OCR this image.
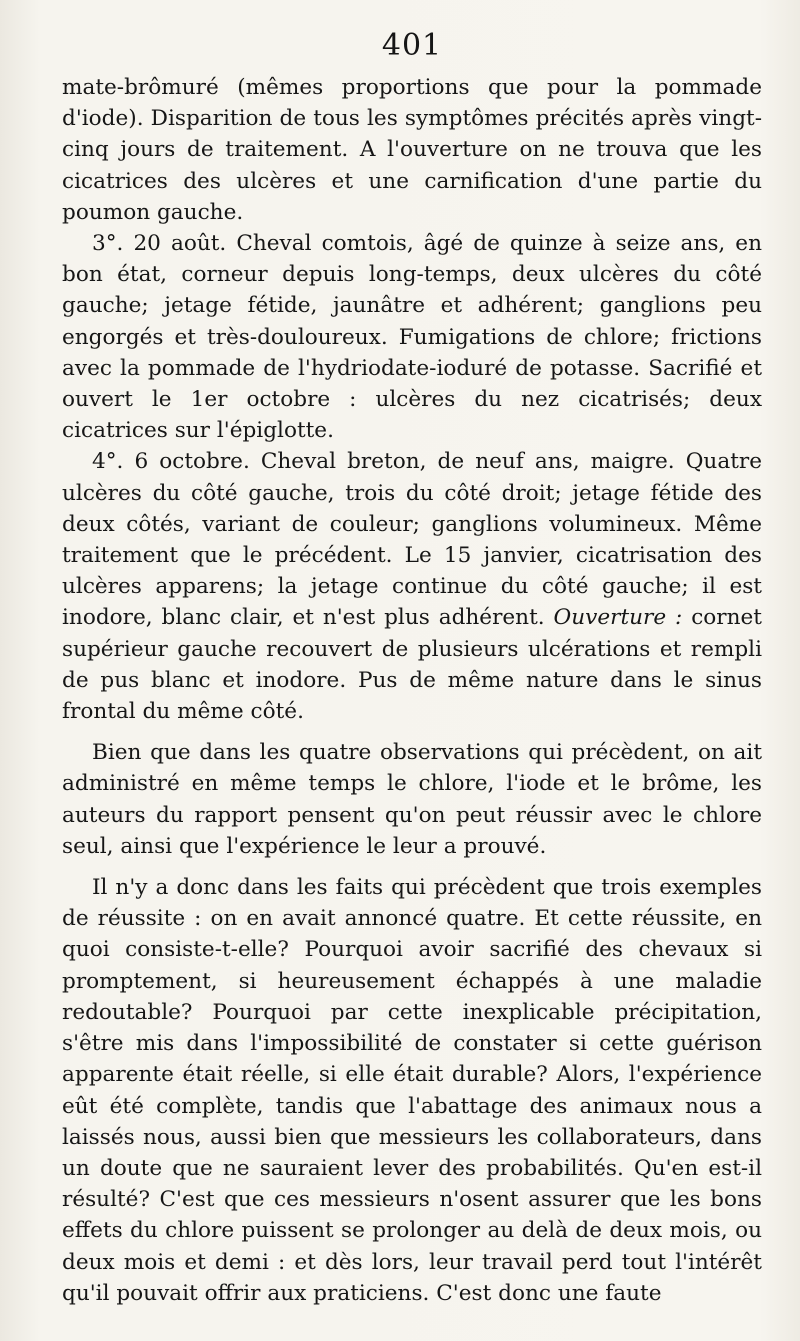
401

mate-brômuré (mêmes proportions que pour la pommade d'iode). Disparition de tous les symptômes précités après vingt-cinq jours de traitement. A l'ouverture on ne trouva que les cicatrices des ulcères et une carnification d'une partie du poumon gauche.

3°. 20 août. Cheval comtois, âgé de quinze à seize ans, en bon état, corneur depuis long-temps, deux ulcères du côté gauche; jetage fétide, jaunâtre et adhérent; ganglions peu engorgés et très-douloureux. Fumigations de chlore; frictions avec la pommade de l'hydriodate-ioduré de potasse. Sacrifié et ouvert le 1er octobre : ulcères du nez cicatrisés; deux cicatrices sur l'épiglotte.

4°. 6 octobre. Cheval breton, de neuf ans, maigre. Quatre ulcères du côté gauche, trois du côté droit; jetage fétide des deux côtés, variant de couleur; ganglions volumineux. Même traitement que le précédent. Le 15 janvier, cicatrisation des ulcères apparens; la jetage continue du côté gauche; il est inodore, blanc clair, et n'est plus adhérent. Ouverture : cornet supérieur gauche recouvert de plusieurs ulcérations et rempli de pus blanc et inodore. Pus de même nature dans le sinus frontal du même côté.

Bien que dans les quatre observations qui précèdent, on ait administré en même temps le chlore, l'iode et le brôme, les auteurs du rapport pensent qu'on peut réussir avec le chlore seul, ainsi que l'expérience le leur a prouvé.

Il n'y a donc dans les faits qui précèdent que trois exemples de réussite : on en avait annoncé quatre. Et cette réussite, en quoi consiste-t-elle? Pourquoi avoir sacrifié des chevaux si promptement, si heureusement échappés à une maladie redoutable? Pourquoi par cette inexplicable précipitation, s'être mis dans l'impossibilité de constater si cette guérison apparente était réelle, si elle était durable? Alors, l'expérience eût été complète, tandis que l'abattage des animaux nous a laissés nous, aussi bien que messieurs les collaborateurs, dans un doute que ne sauraient lever des probabilités. Qu'en est-il résulté? C'est que ces messieurs n'osent assurer que les bons effets du chlore puissent se prolonger au delà de deux mois, ou deux mois et demi : et dès lors, leur travail perd tout l'intérêt qu'il pouvait offrir aux praticiens. C'est donc une faute
